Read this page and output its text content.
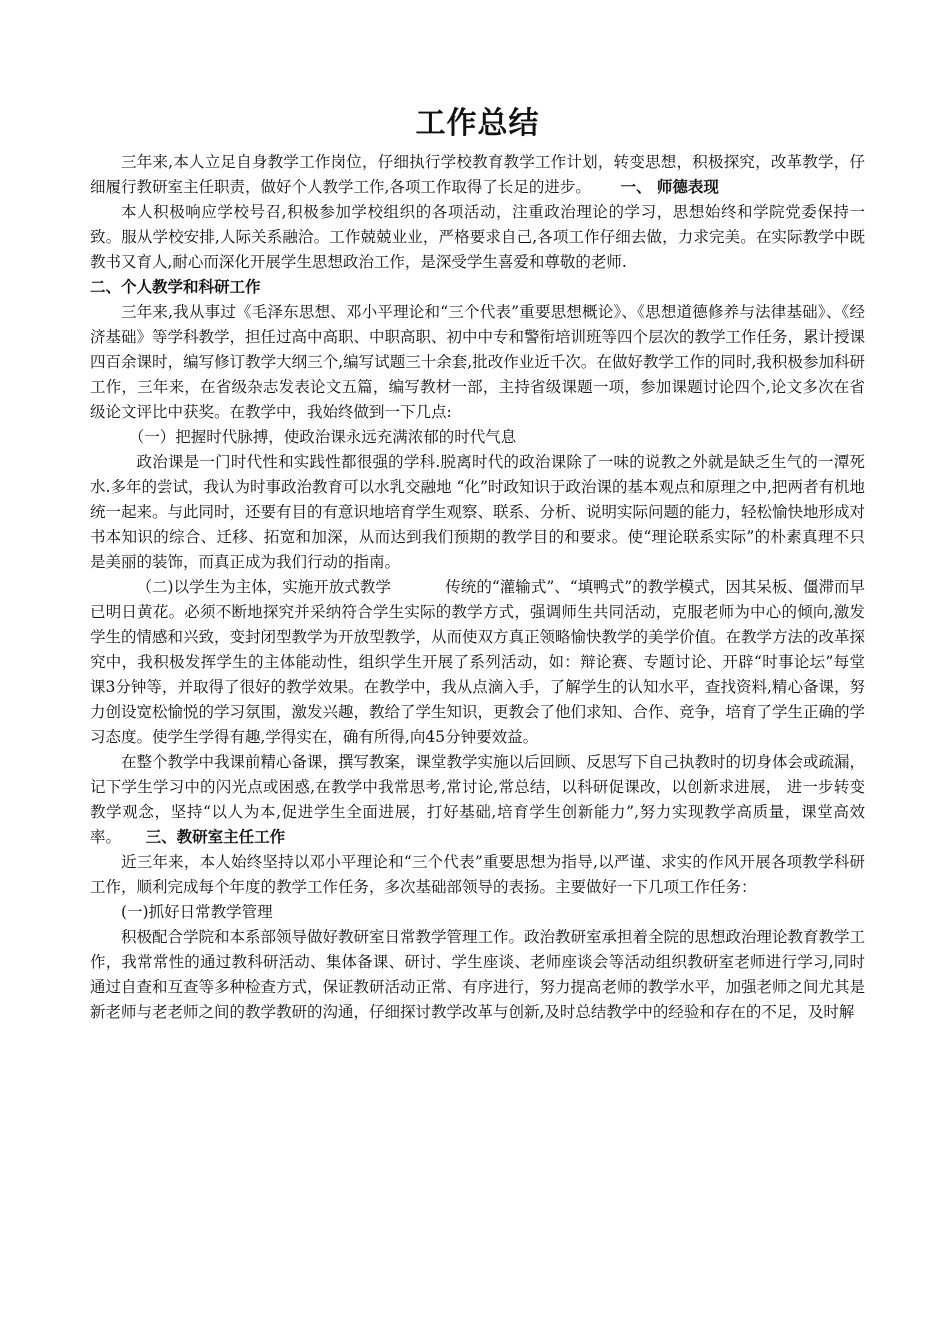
工作总结

三年来,本人立足自身教学工作岗位，仔细执行学校教育教学工作计划，转变思想，积极探究，改革教学，仔细履行教研室主任职责，做好个人教学工作,各项工作取得了长足的进步。 一、 师德表现

本人积极响应学校号召,积极参加学校组织的各项活动，注重政治理论的学习，思想始终和学院党委保持一致。服从学校安排,人际关系融洽。工作兢兢业业，严格要求自己,各项工作仔细去做，力求完美。在实际教学中既教书又育人,耐心而深化开展学生思想政治工作，是深受学生喜爱和尊敬的老师.

二、个人教学和科研工作

三年来,我从事过《毛泽东思想、邓小平理论和“三个代表”重要思想概论》、《思想道德修养与法律基础》、《经济基础》等学科教学，担任过高中高职、中职高职、初中中专和警衔培训班等四个层次的教学工作任务，累计授课四百余课时，编写修订教学大纲三个,编写试题三十余套,批改作业近千次。在做好教学工作的同时,我积极参加科研工作，三年来，在省级杂志发表论文五篇，编写教材一部，主持省级课题一项，参加课题讨论四个,论文多次在省级论文评比中获奖。在教学中，我始终做到一下几点:

（一）把握时代脉搏，使政治课永远充满浓郁的时代气息

政治课是一门时代性和实践性都很强的学科.脱离时代的政治课除了一味的说教之外就是缺乏生气的一潭死水.多年的尝试，我认为时事政治教育可以水乳交融地 “化”时政知识于政治课的基本观点和原理之中,把两者有机地统一起来。与此同时，还要有目的有意识地培育学生观察、联系、分析、说明实际问题的能力，轻松愉快地形成对书本知识的综合、迁移、拓宽和加深，从而达到我们预期的教学目的和要求。使“理论联系实际”的朴素真理不只是美丽的装饰，而真正成为我们行动的指南。

（二)以学生为主体，实施开放式教学	传统的“灌输式”、“填鸭式”的教学模式，因其呆板、僵滞而早已明日黄花。必须不断地探究并采纳符合学生实际的教学方式，强调师生共同活动，克服老师为中心的倾向,激发学生的情感和兴致，变封闭型教学为开放型教学，从而使双方真正领略愉快教学的美学价值。在教学方法的改革探究中，我积极发挥学生的主体能动性，组织学生开展了系列活动，如：辩论赛、专题讨论、开辟“时事论坛”每堂课3分钟等，并取得了很好的教学效果。在教学中，我从点滴入手，了解学生的认知水平，查找资料,精心备课，努力创设宽松愉悦的学习氛围，激发兴趣，教给了学生知识，更教会了他们求知、合作、竞争，培育了学生正确的学习态度。使学生学得有趣,学得实在，确有所得,向45分钟要效益。

在整个教学中我课前精心备课，撰写教案，课堂教学实施以后回顾、反思写下自己执教时的切身体会或疏漏，记下学生学习中的闪光点或困惑,在教学中我常思考,常讨论,常总结，以科研促课改，以创新求进展， 进一步转变教学观念，坚持“以人为本,促进学生全面进展，打好基础,培育学生创新能力”,努力实现教学高质量，课堂高效率。 三、教研室主任工作

近三年来，本人始终坚持以邓小平理论和“三个代表”重要思想为指导,以严谨、求实的作风开展各项教学科研工作，顺利完成每个年度的教学工作任务，多次基础部领导的表扬。主要做好一下几项工作任务：

(一)抓好日常教学管理

积极配合学院和本系部领导做好教研室日常教学管理工作。政治教研室承担着全院的思想政治理论教育教学工作，我常常性的通过教科研活动、集体备课、研讨、学生座谈、老师座谈会等活动组织教研室老师进行学习,同时通过自查和互查等多种检查方式，保证教研活动正常、有序进行，努力提高老师的教学水平，加强老师之间尤其是新老师与老老师之间的教学教研的沟通，仔细探讨教学改革与创新,及时总结教学中的经验和存在的不足，及时解
